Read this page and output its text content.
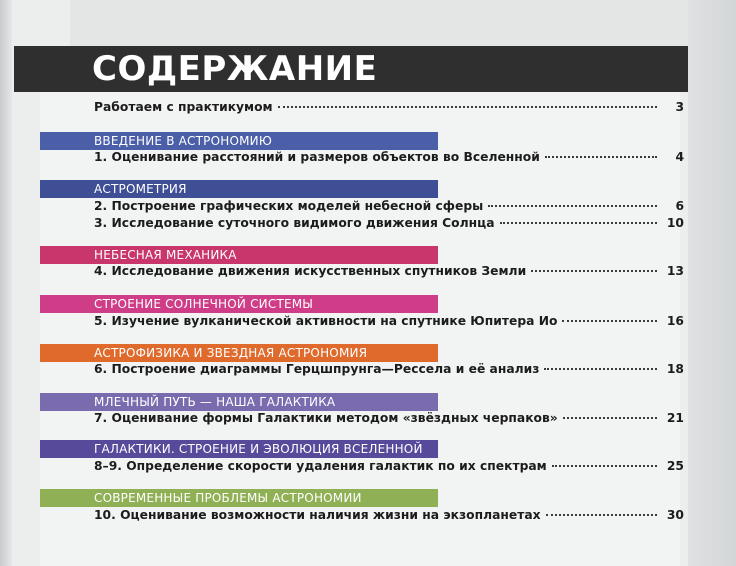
СОДЕРЖАНИЕ
Работаем с практикумом	3
ВВЕДЕНИЕ В АСТРОНОМИЮ
1. Оценивание расстояний и размеров объектов во Вселенной	4
АСТРОМЕТРИЯ
2. Построение графических моделей небесной сферы	6
3. Исследование суточного видимого движения Солнца	10
НЕБЕСНАЯ МЕХАНИКА
4. Исследование движения искусственных спутников Земли	13
СТРОЕНИЕ СОЛНЕЧНОЙ СИСТЕМЫ
5. Изучение вулканической активности на спутнике Юпитера Ио	16
АСТРОФИЗИКА И ЗВЕЗДНАЯ АСТРОНОМИЯ
6. Построение диаграммы Герцшпрунга—Рессела и её анализ	18
МЛЕЧНЫЙ ПУТЬ — НАША ГАЛАКТИКА
7. Оценивание формы Галактики методом «звёздных черпаков»	21
ГАЛАКТИКИ. СТРОЕНИЕ И ЭВОЛЮЦИЯ ВСЕЛЕННОЙ
8–9. Определение скорости удаления галактик по их спектрам	25
СОВРЕМЕННЫЕ ПРОБЛЕМЫ АСТРОНОМИИ
10. Оценивание возможности наличия жизни на экзопланетах	30
